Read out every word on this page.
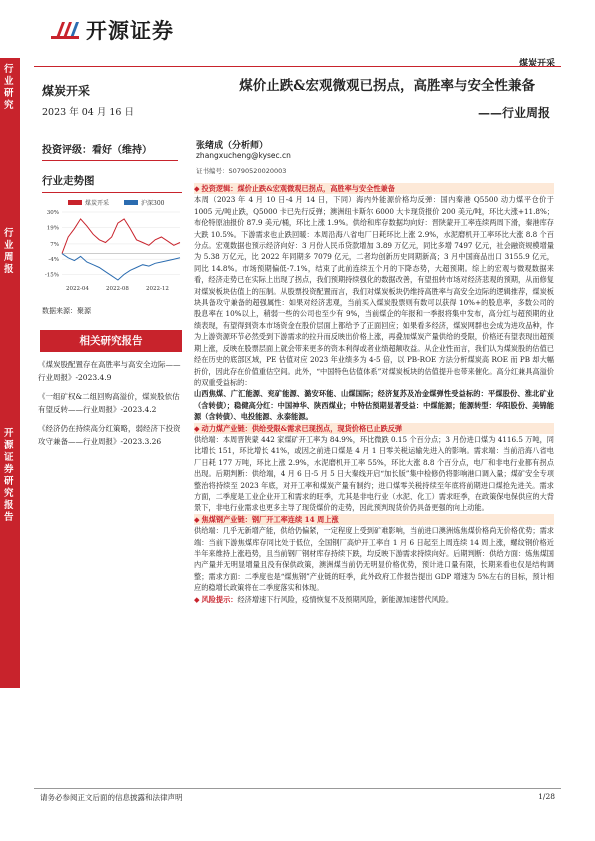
开源证券
煤炭开采
行业研究
行业周报
开源证券研究报告
煤炭开采
2023 年 04 月 16 日
煤价止跌&宏观微观已拐点，高胜率与安全性兼备
——行业周报
投资评级：看好（维持）	张绪成（分析师）
zhangxucheng@kysec.cn
证书编号：S0790520020003
行业走势图
煤炭开采	沪深300
30%
19%
7%
-4%
-15%
2022-04	2022-08	2022-12
数据来源：聚源
相关研究报告
《煤炭股配置存在高胜率与高安全边际——行业周报》-2023.4.9
《一组矿权&二组回购高溢价，煤炭股依估有望反转——行业周报》-2023.4.2
《经济仍在持续高分红策略，弱经济下投资攻守兼备——行业周报》-2023.3.26
◆ 投资逻辑：煤价止跌&宏观微观已拐点，高胜率与安全性兼备

本周（2023 年 4 月 10 日-4 月 14 日，下同）海内外能源价格均反弹：国内秦港 Q5500 动力煤平仓价于 1005 元/吨止跌，Q5000 卡已先行反弹；澳洲纽卡斯尔 6000 大卡现货报价 200 美元/吨，环比大涨+11.8%；布伦特原油报价 87.9 美元/桶，环比上涨 1.9%。供给和库存数据均向好：晋陕蒙开工率连续两周下滑，秦港库存大跌 10.5%。下游需求也止跌回暖：本周沿海八省电厂日耗环比上涨 2.9%，水泥磨机开工率环比大涨 8.8 个百分点。宏观数据也预示经济向好：3 月份人民币贷款增加 3.89 万亿元，同比多增 7497 亿元，社会融资规模增量为 5.38 万亿元，比 2022 年同期多 7079 亿元，二者均创新历史同期新高；3 月中国商品出口 3155.9 亿元，同比 14.8%。市场预期偏低-7.1%，结束了此前连续五个月的下降态势，大超预期。综上的宏观与微观数据来看，经济走势已在实际上出现了拐点，我们预期持续强化的数据改善，有望扭转市场对经济悲观的预期，从而修复对煤炭板块估值上的压制。从股票投资配置而言，我们对煤炭板块仍维持高胜率与高安全边际的逻辑推荐，煤炭板块具备攻守兼备的超强属性：如果对经济悲观，当前买入煤炭股票则有数可以获得 10%+的股息率，多数公司的股息率在 10%以上，稍弱一些的公司也至少有 9%，当前煤企的年报和一季报将集中发布，高分红与超预期的业绩表现，有望得到资本市场资金在股价层面上都给予了正面回应；如果看多经济，煤炭网群也会成为进攻品种，作为上游资源环节必然受到下游需求的拉升而反映出价格上涨，再叠加煤炭产量供给的受限，价格还有望表现出超预期上涨，反映在股票层面上就会带来更多的资本利得或者业绩超额收益。从企业性而言，我们认为煤炭股的估值已经在历史的底部区域，PE 估值对应 2023 年业绩多为 4-5 倍，以 PB-ROE 方法分析煤炭高 ROE 而 PB 却大幅折价，因此存在价值重估空间。此外，“中国特色估值体系”对煤炭板块的估值提升也带来催化。高分红兼具高溢价的双重受益标的：

山西焦煤、广汇能源、兖矿能源、潞安环能、山煤国际；经济复苏及冶金煤弹性受益标的：平煤股份、淮北矿业（含转债）；稳健高分红：中国神华、陕西煤业；中特估预期显著受益：中煤能源；能源转型：华阳股份、美锦能源（含转债）、电投能源、永泰能源。

◆ 动力煤产业链：供给受限&需求已现拐点，现货价格已止跌反弹

供给端：本周晋陕蒙 442 家煤矿开工率为 84.9%，环比微跌 0.15 个百分点；3 月份进口煤为 4116.5 万吨，同比增长 151，环比增长 41%，或因之前进口煤是 4 月 1 日零关税运输先进入的影响。需求端：当前沿海八省电厂日耗 177 万吨，环比上涨 2.9%，水泥磨机开工率 55%，环比大涨 8.8 个百分点，电厂和非电行业都有拐点出现。后期判断：供给端，4 月 6 日-5 月 5 日大秦线开启“加长版”集中检修仍将影响港口调入量；煤矿安全专项整治将持续至 2023 年底，对开工率和煤炭产量有制约；进口煤零关税持续至年底将前期进口煤抢先进关。需求方面，二季度是工业企业开工和需求的旺季，尤其是非电行业（水泥、化工）需求旺季，在政策保电保供应的大背景下，非电行业需求也更多主导了现货煤价的走势，因此预判现货价仍具备更强的向上动能。

◆ 焦煤钢产业链：钢厂开工率连续 14 周上涨

供给端：几乎无新增产能，供给仍偏紧，一定程度上受到矿难影响，当前进口澳洲炼焦煤价格尚无价格优势；需求端：当前下游焦煤库存同比处于低位，全国钢厂高炉开工率自 1 月 6 日起至上周连续 14 周上涨，螺纹钢价格近半年来维持上涨趋势，且当前钢厂钢材库存持续下跌，均反映下游需求持续向好。后期判断：供给方面：炼焦煤国内产量并无明显增量且没有保供政策，澳洲煤当前仍无明显价格优势，预计进口量有限，长期来看也仅是结构调整；需求方面：二季度也是“煤焦钢”产业链的旺季，此外政府工作报告提出 GDP 增速为 5%左右的目标，预计相应的稳增长政策将在二季度落实和体现。

◆ 风险提示：经济增速下行风险，疫情恢复不及预期风险，新能源加速替代风险。

请务必参阅正文后面的信息披露和法律声明	1/28
